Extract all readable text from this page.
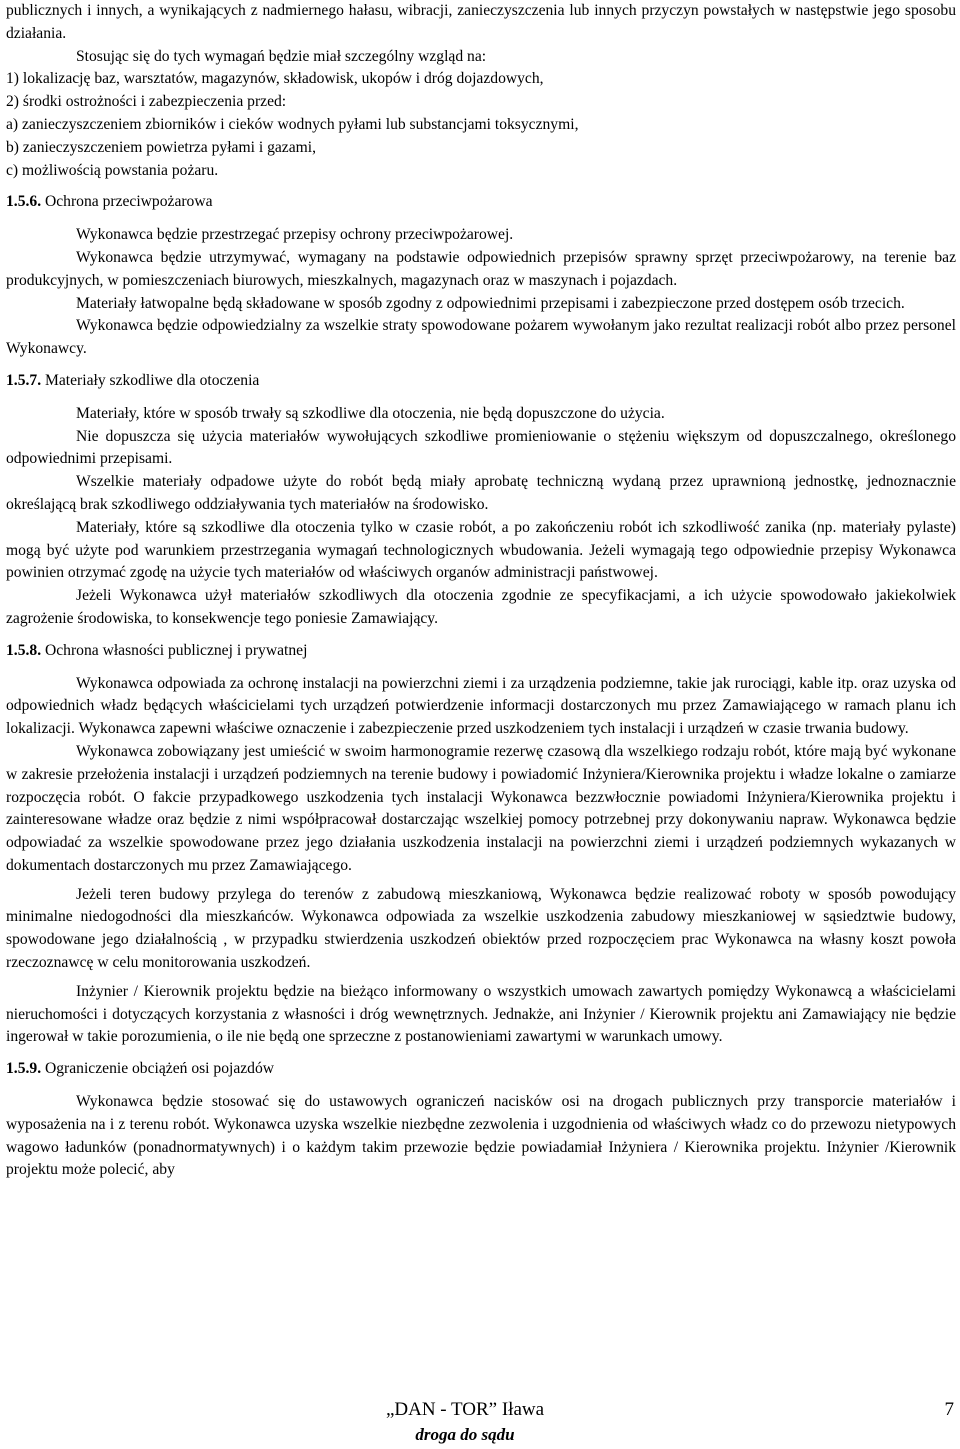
publicznych i innych, a wynikających z nadmiernego hałasu, wibracji, zanieczyszczenia lub innych przyczyn powstałych w następstwie jego sposobu działania.

Stosując się do tych wymagań będzie miał szczególny wzgląd na:

1) lokalizację baz, warsztatów, magazynów, składowisk, ukopów i dróg dojazdowych,

2) środki ostrożności i zabezpieczenia przed:

a) zanieczyszczeniem zbiorników i cieków wodnych pyłami lub substancjami toksycznymi,

b) zanieczyszczeniem powietrza pyłami i gazami,

c) możliwością powstania pożaru.

1.5.6. Ochrona przeciwpożarowa

Wykonawca będzie przestrzegać przepisy ochrony przeciwpożarowej.

Wykonawca będzie utrzymywać, wymagany na podstawie odpowiednich przepisów sprawny sprzęt przeciwpożarowy, na terenie baz produkcyjnych, w pomieszczeniach biurowych, mieszkalnych, magazynach oraz w maszynach i pojazdach.

Materiały łatwopalne będą składowane w sposób zgodny z odpowiednimi przepisami i zabezpieczone przed dostępem osób trzecich.

Wykonawca będzie odpowiedzialny za wszelkie straty spowodowane pożarem wywołanym jako rezultat realizacji robót albo przez personel Wykonawcy.

1.5.7. Materiały szkodliwe dla otoczenia

Materiały, które w sposób trwały są szkodliwe dla otoczenia, nie będą dopuszczone do użycia.

Nie dopuszcza się użycia materiałów wywołujących szkodliwe promieniowanie o stężeniu większym od dopuszczalnego, określonego odpowiednimi przepisami.

Wszelkie materiały odpadowe użyte do robót będą miały aprobatę techniczną wydaną przez uprawnioną jednostkę, jednoznacznie określającą brak szkodliwego oddziaływania tych materiałów na środowisko.

Materiały, które są szkodliwe dla otoczenia tylko w czasie robót, a po zakończeniu robót ich szkodliwość zanika (np. materiały pylaste) mogą być użyte pod warunkiem przestrzegania wymagań technologicznych wbudowania. Jeżeli wymagają tego odpowiednie przepisy Wykonawca powinien otrzymać zgodę na użycie tych materiałów od właściwych organów administracji państwowej.

Jeżeli Wykonawca użył materiałów szkodliwych dla otoczenia zgodnie ze specyfikacjami, a ich użycie spowodowało jakiekolwiek zagrożenie środowiska, to konsekwencje tego poniesie Zamawiający.

1.5.8. Ochrona własności publicznej i prywatnej

Wykonawca odpowiada za ochronę instalacji na powierzchni ziemi i za urządzenia podziemne, takie jak rurociągi, kable itp. oraz uzyska od odpowiednich władz będących właścicielami tych urządzeń potwierdzenie informacji dostarczonych mu przez Zamawiającego w ramach planu ich lokalizacji. Wykonawca zapewni właściwe oznaczenie i zabezpieczenie przed uszkodzeniem tych instalacji i urządzeń w czasie trwania budowy.

Wykonawca zobowiązany jest umieścić w swoim harmonogramie rezerwę czasową dla wszelkiego rodzaju robót, które mają być wykonane w zakresie przełożenia instalacji i urządzeń podziemnych na terenie budowy i powiadomić Inżyniera/Kierownika projektu i władze lokalne o zamiarze rozpoczęcia robót. O fakcie przypadkowego uszkodzenia tych instalacji Wykonawca bezzwłocznie powiadomi Inżyniera/Kierownika projektu i zainteresowane władze oraz będzie z nimi współpracował dostarczając wszelkiej pomocy potrzebnej przy dokonywaniu napraw. Wykonawca będzie odpowiadać za wszelkie spowodowane przez jego działania uszkodzenia instalacji na powierzchni ziemi i urządzeń podziemnych wykazanych w dokumentach dostarczonych mu przez Zamawiającego.

Jeżeli teren budowy przylega do terenów z zabudową mieszkaniową, Wykonawca będzie realizować roboty w sposób powodujący minimalne niedogodności dla mieszkańców. Wykonawca odpowiada za wszelkie uszkodzenia zabudowy mieszkaniowej w sąsiedztwie budowy, spowodowane jego działalnością , w przypadku stwierdzenia uszkodzeń obiektów przed rozpoczęciem prac Wykonawca na własny koszt powoła rzeczoznawcę w celu monitorowania uszkodzeń.

Inżynier / Kierownik projektu będzie na bieżąco informowany o wszystkich umowach zawartych pomiędzy Wykonawcą a właścicielami nieruchomości i dotyczących korzystania z własności i dróg wewnętrznych. Jednakże, ani Inżynier / Kierownik projektu ani Zamawiający nie będzie ingerował w takie porozumienia, o ile nie będą one sprzeczne z postanowieniami zawartymi w warunkach umowy.

1.5.9. Ograniczenie obciążeń osi pojazdów

Wykonawca będzie stosować się do ustawowych ograniczeń nacisków osi na drogach publicznych przy transporcie materiałów i wyposażenia na i z terenu robót. Wykonawca uzyska wszelkie niezbędne zezwolenia i uzgodnienia od właściwych władz co do przewozu nietypowych wagowo ładunków (ponadnormatywnych) i o każdym takim przewozie będzie powiadamiał Inżyniera / Kierownika projektu. Inżynier /Kierownik projektu może polecić, aby

„DAN - TOR” Iława
droga do sądu
7
